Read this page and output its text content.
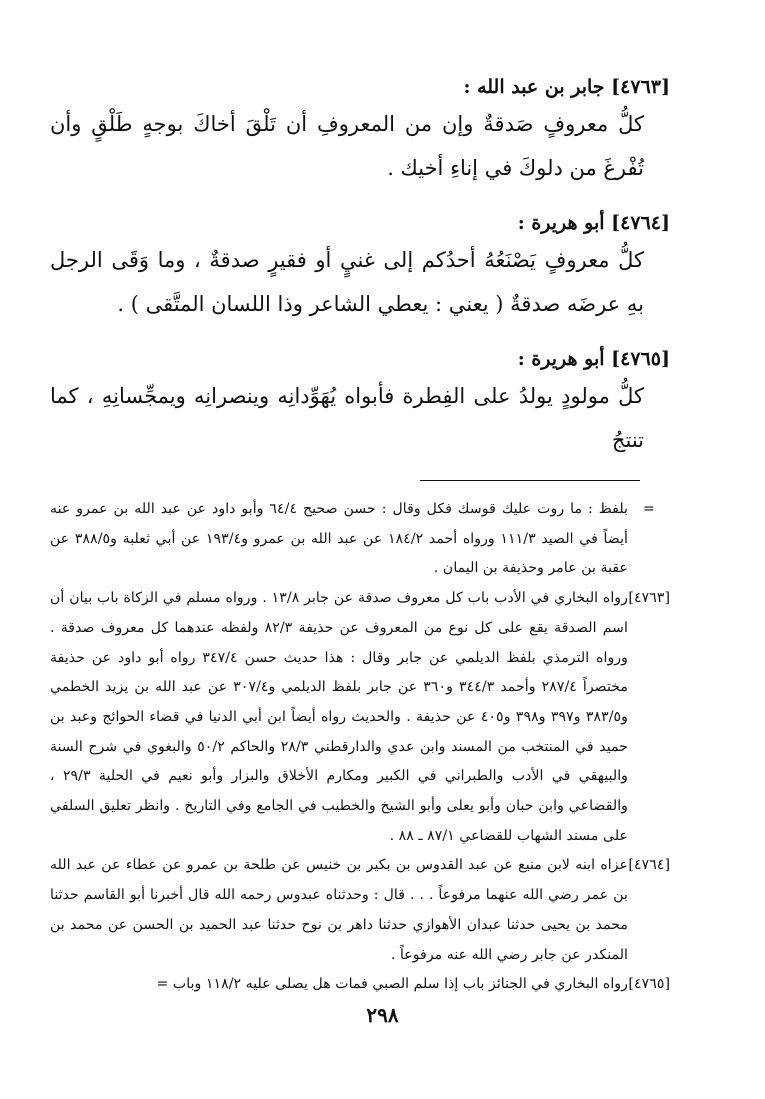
[٤٧٦٣] جابر بن عبد الله :

كلُّ معروفٍ صَدقةٌ وإن من المعروفِ أن تَلْقَ أخاكَ بوجهٍ طَلْقٍ وأن تُفْرغَ من دلوكَ في إناءِ أخيك .

[٤٧٦٤] أبو هريرة :

كلُّ معروفٍ يَصْنَعُهُ أحدُكم إلى غنيٍ أو فقيرٍ صدقةٌ ، وما وَقَى الرجل بهِ عرضَه صدقةٌ ( يعني : يعطي الشاعر وذا اللسان المتَّقى ) .

[٤٧٦٥] أبو هريرة :

كلُّ مولودٍ يولدُ على الفِطرة فأبواه يُهَوِّدانِه وينصرانِه ويمجِّسانِهِ ، كما تنتجُ

=
بلفظ : ما روت عليك قوسك فكل وقال : حسن صحيح ٦٤/٤ وأبو داود عن عبد الله بن عمرو عنه أيضاً في الصيد ١١١/٣ ورواه أحمد ١٨٤/٢ عن عبد الله بن عمرو و١٩٣/٤ عن أبي ثعلبة و٣٨٨/٥ عن عقبة بن عامر وحذيفة بن اليمان .
[٤٧٦٣]
رواه البخاري في الأدب باب كل معروف صدقة عن جابر ١٣/٨ . ورواه مسلم في الزكاة باب بيان أن اسم الصدقة يقع على كل نوع من المعروف عن حذيفة ٨٢/٣ ولفظه عندهما كل معروف صدقة . ورواه الترمذي بلفظ الديلمي عن جابر وقال : هذا حديث حسن ٣٤٧/٤ رواه أبو داود عن حذيفة مختصراً ٢٨٧/٤ وأحمد ٣٤٤/٣ و٣٦٠ عن جابر بلفظ الديلمي و٣٠٧/٤ عن عبد الله بن يزيد الخطمي و٣٨٣/٥ و٣٩٧ و٣٩٨ و٤٠٥ عن حذيفة . والحديث رواه أيضاً ابن أبي الدنيا في قضاء الحوائج وعبد بن حميد في المنتخب من المسند وابن عدي والدارقطني ٢٨/٣ والحاكم ٥٠/٢ والبغوي في شرح السنة والبيهقي في الأدب والطبراني في الكبير ومكارم الأخلاق والبزار وأبو نعيم في الحلية ٢٩/٣ ، والقضاعي وابن حبان وأبو يعلى وأبو الشيخ والخطيب في الجامع وفي التاريخ . وانظر تعليق السلفي على مسند الشهاب للقضاعي ٨٧/١ ـ ٨٨ .
[٤٧٦٤]
عزاه ابنه لابن منيع عن عبد القدوس بن بكير بن خنيس عن طلحة بن عمرو عن عطاء عن عبد الله بن عمر رضي الله عنهما مرفوعاً . . . قال : وحدثناه عبدوس رحمه الله قال أخبرنا أبو القاسم حدثنا محمد بن يحيى حدثنا عبدان الأهوازي حدثنا داهر بن نوح حدثنا عبد الحميد بن الحسن عن محمد بن المنكدر عن جابر رضي الله عنه مرفوعاً .
[٤٧٦٥]
رواه البخاري في الجنائز باب إذا سلم الصبي فمات هل يصلى عليه ١١٨/٢ وباب =
٢٩٨
